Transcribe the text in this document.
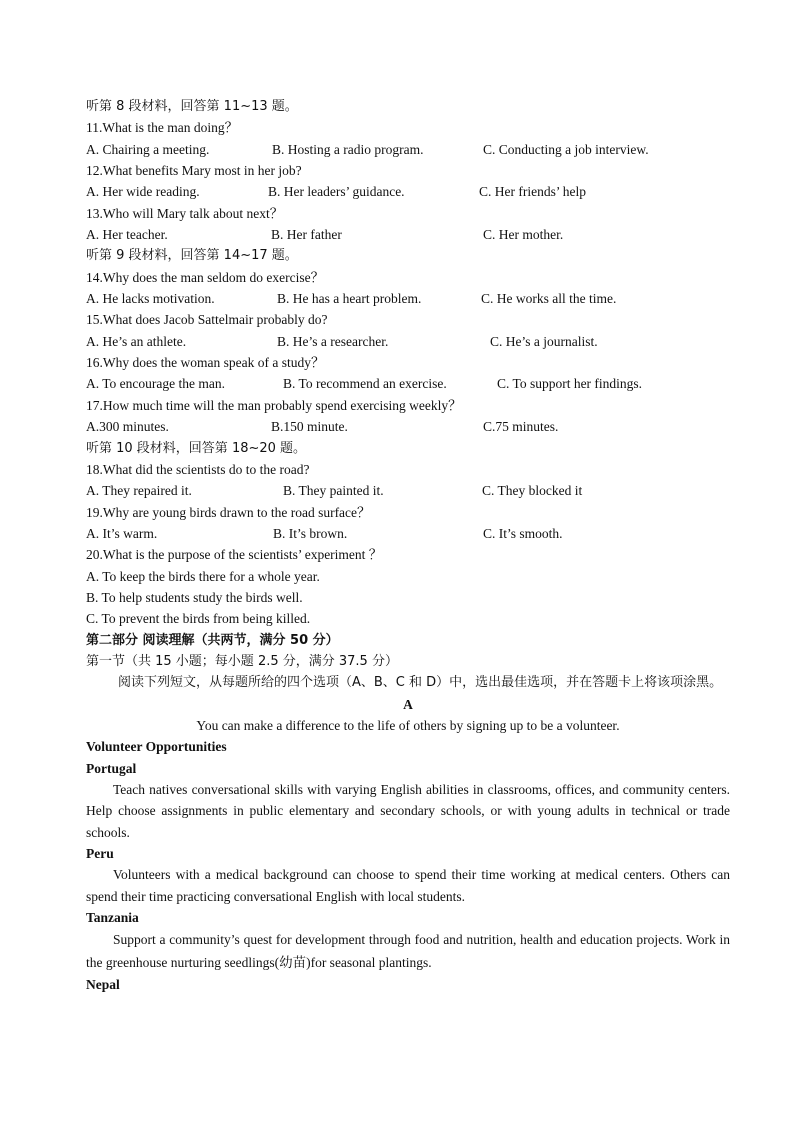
听第 8 段材料，回答第 11~13 题。
11.What is the man doing？
A. Chairing a meeting.	B. Hosting a radio program.	C. Conducting a job interview.
12.What benefits Mary most in her job?
A. Her wide reading.	B. Her leaders’ guidance.	C. Her friends’ help
13.Who will Mary talk about next？
A. Her teacher.	B. Her father	C. Her mother.
听第 9 段材料，回答第 14~17 题。
14.Why does the man seldom do exercise？
A. He lacks motivation.	B. He has a heart problem.	C. He works all the time.
15.What does Jacob Sattelmair probably do?
A. He’s an athlete.	B. He’s a researcher.	C. He’s a journalist.
16.Why does the woman speak of a study？
A. To encourage the man.	B. To recommend an exercise.	C. To support her findings.
17.How much time will the man probably spend exercising weekly？
A.300 minutes.	B.150 minute.	C.75 minutes.
听第 10 段材料，回答第 18~20 题。
18.What did the scientists do to the road?
A. They repaired it.	B. They painted it.	C. They blocked it
19.Why are young birds drawn to the road surface？
A. It’s warm.	B. It’s brown.	C. It’s smooth.
20.What is the purpose of the scientists’ experiment ？
A. To keep the birds there for a whole year.
B. To help students study the birds well.
C. To prevent the birds from being killed.
第二部分 阅读理解（共两节，满分 50 分）
第一节（共 15 小题；每小题 2.5 分，满分 37.5 分）
阅读下列短文，从每题所给的四个选项（A、B、C 和 D）中，选出最佳选项，并在答题卡上将该项涂黑。
A
You can make a difference to the life of others by signing up to be a volunteer.
Volunteer Opportunities
Portugal
Teach natives conversational skills with varying English abilities in classrooms, offices, and community centers. Help choose assignments in public elementary and secondary schools, or with young adults in technical or trade schools.
Peru
Volunteers with a medical background can choose to spend their time working at medical centers. Others can spend their time practicing conversational English with local students.
Tanzania
Support a community’s quest for development through food and nutrition, health and education projects. Work in the greenhouse nurturing seedlings(幼苗)for seasonal plantings.
Nepal
